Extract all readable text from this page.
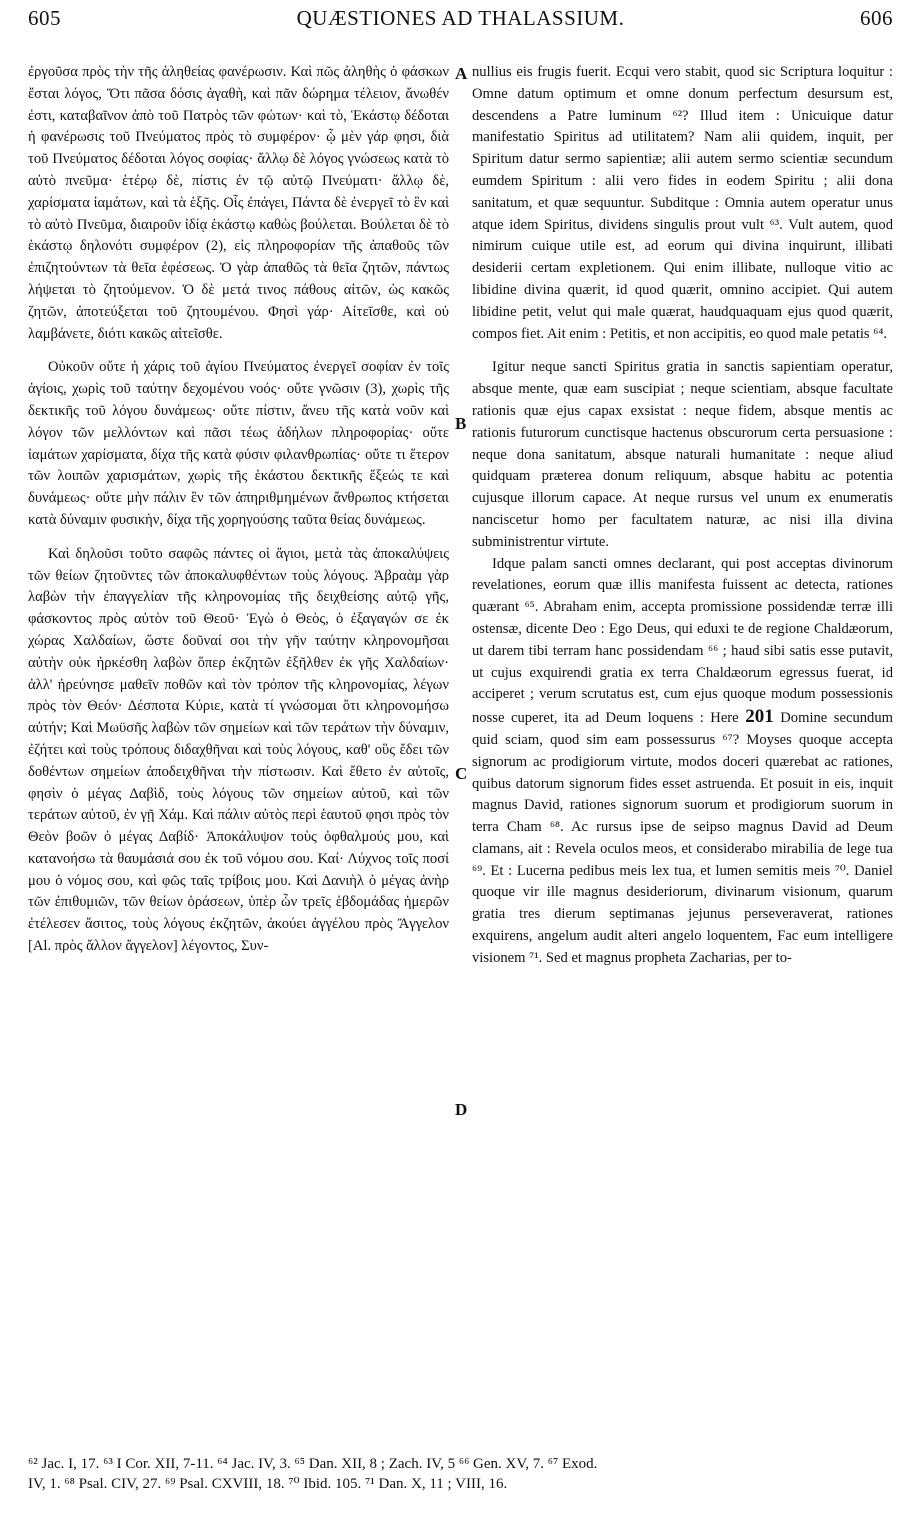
605	QUÆSTIONES AD THALASSIUM.	606

ἐργοῦσα πρὸς τὴν τῆς ἀληθείας φανέρωσιν. Καὶ πῶς ἀληθὴς ὁ φάσκων ἔσται λόγος, Ὅτι πᾶσα δόσις ἀγαθὴ, καὶ πᾶν δώρημα τέλειον, ἄνωθέν ἐστι, καταβαῖνον ἀπὸ τοῦ Πατρὸς τῶν φώτων· καὶ τὸ, Ἑκάστῳ δέδοται ἡ φανέρωσις τοῦ Πνεύματος πρὸς τὸ συμφέρον· ᾧ μὲν γάρ φησι, διὰ τοῦ Πνεύματος δέδοται λόγος σοφίας· ἄλλῳ δὲ λόγος γνώσεως κατὰ τὸ αὐτὸ πνεῦμα· ἑτέρῳ δὲ, πίστις ἐν τῷ αὐτῷ Πνεύματι· ἄλλῳ δὲ, χαρίσματα ἰαμάτων, καὶ τὰ ἑξῆς. Οἷς ἐπάγει, Πάντα δὲ ἐνεργεῖ τὸ ἓν καὶ τὸ αὐτὸ Πνεῦμα, διαιροῦν ἰδίᾳ ἑκάστῳ καθὼς βούλεται. Βούλεται δὲ τὸ ἑκάστῳ δηλονότι συμφέρον (2), εἰς πληροφορίαν τῆς ἀπαθοῦς τῶν ἐπιζητούντων τὰ θεῖα ἐφέσεως. Ὁ γὰρ ἀπαθῶς τὰ θεῖα ζητῶν, πάντως λήψεται τὸ ζητούμενον. Ὁ δὲ μετά τινος πάθους αἰτῶν, ὡς κακῶς ζητῶν, ἀποτεύξεται τοῦ ζητουμένου. Φησὶ γάρ· Αἰτεῖσθε, καὶ οὐ λαμβάνετε, διότι κακῶς αἰτεῖσθε.

Οὐκοῦν οὔτε ἡ χάρις τοῦ ἁγίου Πνεύματος ἐνεργεῖ σοφίαν ἐν τοῖς ἁγίοις, χωρὶς τοῦ ταύτην δεχομένου νοός· οὔτε γνῶσιν (3), χωρὶς τῆς δεκτικῆς τοῦ λόγου δυνάμεως· οὔτε πίστιν, ἄνευ τῆς κατὰ νοῦν καὶ λόγον τῶν μελλόντων καὶ πᾶσι τέως ἀδήλων πληροφορίας· οὔτε ἰαμάτων χαρίσματα, δίχα τῆς κατὰ φύσιν φιλανθρωπίας· οὔτε τι ἕτερον τῶν λοιπῶν χαρισμάτων, χωρὶς τῆς ἑκάστου δεκτικῆς ἕξεώς τε καὶ δυνάμεως· οὔτε μὴν πάλιν ἓν τῶν ἀπηριθμημένων ἄνθρωπος κτήσεται κατὰ δύναμιν φυσικὴν, δίχα τῆς χορηγούσης ταῦτα θείας δυνάμεως.

Καὶ δηλοῦσι τοῦτο σαφῶς πάντες οἱ ἅγιοι, μετὰ τὰς ἀποκαλύψεις τῶν θείων ζητοῦντες τῶν ἀποκαλυφθέντων τοὺς λόγους. Ἀβραὰμ γὰρ λαβὼν τὴν ἐπαγγελίαν τῆς κληρονομίας τῆς δειχθείσης αὐτῷ γῆς, φάσκοντος πρὸς αὐτὸν τοῦ Θεοῦ· Ἐγὼ ὁ Θεὸς, ὁ ἐξαγαγών σε ἐκ χώρας Χαλδαίων, ὥστε δοῦναί σοι τὴν γῆν ταύτην κληρονομῆσαι αὐτὴν οὐκ ἠρκέσθη λαβὼν ὅπερ ἐκζητῶν ἐξῆλθεν ἐκ γῆς Χαλδαίων· ἀλλ' ἠρεύνησε μαθεῖν ποθῶν καὶ τὸν τρόπον τῆς κληρονομίας, λέγων πρὸς τὸν Θεόν· Δέσποτα Κύριε, κατὰ τί γνώσομαι ὅτι κληρονομήσω αὐτήν; Καὶ Μωϋσῆς λαβὼν τῶν σημείων καὶ τῶν τεράτων τὴν δύναμιν, ἐζήτει καὶ τοὺς τρόπους διδαχθῆναι καὶ τοὺς λόγους, καθ' οὓς ἔδει τῶν δοθέντων σημείων ἀποδειχθῆναι τὴν πίστωσιν. Καὶ ἔθετο ἐν αὐτοῖς, φησὶν ὁ μέγας Δαβὶδ, τοὺς λόγους τῶν σημείων αὐτοῦ, καὶ τῶν τεράτων αὐτοῦ, ἐν γῇ Χάμ. Καὶ πάλιν αὐτὸς περὶ ἑαυτοῦ φησι πρὸς τὸν Θεὸν βοῶν ὁ μέγας Δαβίδ· Ἀποκάλυψον τοὺς ὀφθαλμούς μου, καὶ κατανοήσω τὰ θαυμάσιά σου ἐκ τοῦ νόμου σου. Καί· Λύχνος τοῖς ποσί μου ὁ νόμος σου, καὶ φῶς ταῖς τρίβοις μου. Καὶ Δανιὴλ ὁ μέγας ἀνὴρ τῶν ἐπιθυμιῶν, τῶν θείων ὁράσεων, ὑπὲρ ὧν τρεῖς ἑβδομάδας ἡμερῶν ἐτέλεσεν ἄσιτος, τοὺς λόγους ἐκζητῶν, ἀκούει ἀγγέλου πρὸς Ἄγγελον [Al. πρὸς ἄλλον ἄγγελον] λέγοντος, Συν-

nullius eis frugis fuerit. Ecqui vero stabit, quod sic Scriptura loquitur : Omne datum optimum et omne donum perfectum desursum est, descendens a Patre luminum ⁶²? Illud item : Unicuique datur manifestatio Spiritus ad utilitatem? Nam alii quidem, inquit, per Spiritum datur sermo sapientiæ; alii autem sermo scientiæ secundum eumdem Spiritum : alii vero fides in eodem Spiritu ; alii dona sanitatum, et quæ sequuntur. Subditque : Omnia autem operatur unus atque idem Spiritus, dividens singulis prout vult ⁶³. Vult autem, quod nimirum cuique utile est, ad eorum qui divina inquirunt, illibati desiderii certam expletionem. Qui enim illibate, nulloque vitio ac libidine divina quærit, id quod quærit, omnino accipiet. Qui autem libidine petit, velut qui male quærat, haudquaquam ejus quod quærit, compos fiet. Ait enim : Petitis, et non accipitis, eo quod male petatis ⁶⁴.

Igitur neque sancti Spiritus gratia in sanctis sapientiam operatur, absque mente, quæ eam suscipiat ; neque scientiam, absque facultate rationis quæ ejus capax exsistat : neque fidem, absque mentis ac rationis futurorum cunctisque hactenus obscurorum certa persuasione : neque dona sanitatum, absque naturali humanitate : neque aliud quidquam præterea donum reliquum, absque habitu ac potentia cujusque illorum capace. At neque rursus vel unum ex enumeratis nanciscetur homo per facultatem naturæ, ac nisi illa divina subministrentur virtute.

Idque palam sancti omnes declarant, qui post acceptas divinorum revelationes, eorum quæ illis manifesta fuissent ac detecta, rationes quærant ⁶⁵. Abraham enim, accepta promissione possidendæ terræ illi ostensæ, dicente Deo : Ego Deus, qui eduxi te de regione Chaldæorum, ut darem tibi terram hanc possidendam ⁶⁶ ; haud sibi satis esse putavit, ut cujus exquirendi gratia ex terra Chaldæorum egressus fuerat, id acciperet ; verum scrutatus est, cum ejus quoque modum possessionis nosse cuperet, ita ad Deum loquens : Here 201 Domine secundum quid sciam, quod sim eam possessurus ⁶⁷? Moyses quoque accepta signorum ac prodigiorum virtute, modos doceri quærebat ac rationes, quibus datorum signorum fides esset astruenda. Et posuit in eis, inquit magnus David, rationes signorum suorum et prodigiorum suorum in terra Cham ⁶⁸. Ac rursus ipse de seipso magnus David ad Deum clamans, ait : Revela oculos meos, et considerabo mirabilia de lege tua ⁶⁹. Et : Lucerna pedibus meis lex tua, et lumen semitis meis ⁷⁰. Daniel quoque vir ille magnus desideriorum, divinarum visionum, quarum gratia tres dierum septimanas jejunus perseveraverat, rationes exquirens, angelum audit alteri angelo loquentem, Fac eum intelligere visionem ⁷¹. Sed et magnus propheta Zacharias, per to-

A
B
C
D

⁶² Jac. I, 17. ⁶³ I Cor. XII, 7-11. ⁶⁴ Jac. IV, 3. ⁶⁵ Dan. XII, 8 ; Zach. IV, 5 ⁶⁶ Gen. XV, 7. ⁶⁷ Exod.

IV, 1. ⁶⁸ Psal. CIV, 27. ⁶⁹ Psal. CXVIII, 18. ⁷⁰ Ibid. 105. ⁷¹ Dan. X, 11 ; VIII, 16.
